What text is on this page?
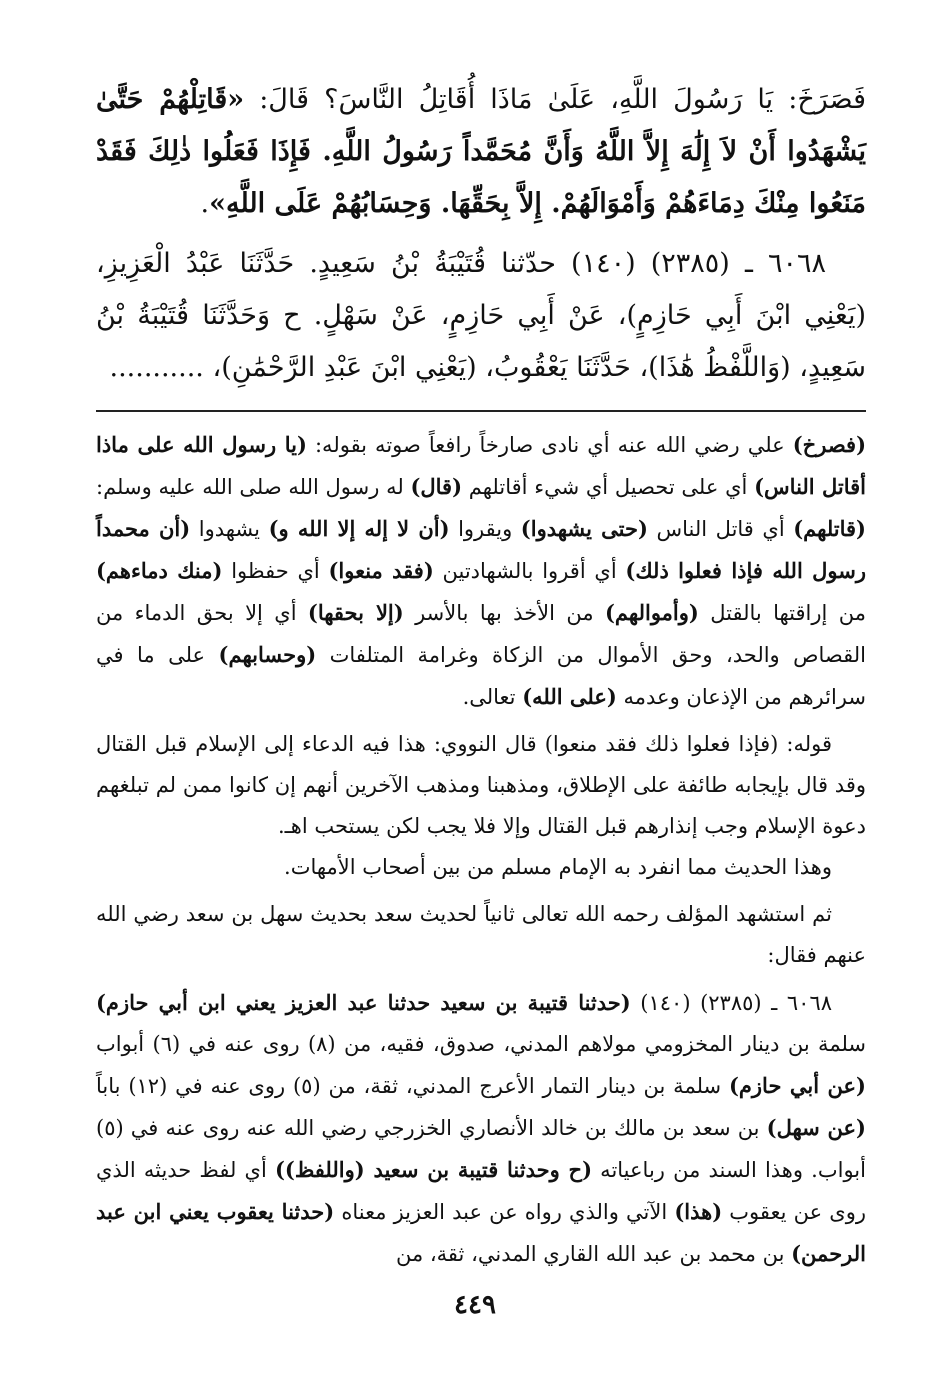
فَصَرَخَ: يَا رَسُولَ اللَّهِ، عَلَىٰ مَاذَا أُقَاتِلُ النَّاسَ؟ قَالَ: «قَاتِلْهُمْ حَتَّىٰ يَشْهَدُوا أَنْ لاَ إِلَٰهَ إِلاَّ اللَّهُ وَأَنَّ مُحَمَّداً رَسُولُ اللَّهِ. فَإِذَا فَعَلُوا ذٰلِكَ فَقَدْ مَنَعُوا مِنْكَ دِمَاءَهُمْ وَأَمْوَالَهُمْ. إِلاَّ بِحَقِّهَا. وَحِسَابُهُمْ عَلَى اللَّهِ».

٦٠٦٨ ـ (٢٣٨٥) (١٤٠) حدّثنا قُتَيْبَةُ بْنُ سَعِيدٍ. حَدَّثَنَا عَبْدُ الْعَزِيزِ، (يَعْنِي ابْنَ أَبِي حَازِمٍ)، عَنْ أَبِي حَازِمٍ، عَنْ سَهْلٍ. ح وَحَدَّثَنَا قُتَيْبَةُ بْنُ سَعِيدٍ، (وَاللَّفْظُ هَٰذَا)، حَدَّثَنَا يَعْقُوبُ، (يَعْنِي ابْنَ عَبْدِ الرَّحْمَٰنِ)، ...........

(فصرخ) علي رضي الله عنه أي نادى صارخاً رافعاً صوته بقوله: (يا رسول الله على ماذا أقاتل الناس) أي على تحصيل أي شيء أقاتلهم (قال) له رسول الله صلى الله عليه وسلم: (قاتلهم) أي قاتل الناس (حتى يشهدوا) ويقروا (أن لا إله إلا الله و) يشهدوا (أن محمداً رسول الله فإذا فعلوا ذلك) أي أقروا بالشهادتين (فقد منعوا) أي حفظوا (منك دماءهم) من إراقتها بالقتل (وأموالهم) من الأخذ بها بالأسر (إلا بحقها) أي إلا بحق الدماء من القصاص والحد، وحق الأموال من الزكاة وغرامة المتلفات (وحسابهم) على ما في سرائرهم من الإذعان وعدمه (على الله) تعالى.

قوله: (فإذا فعلوا ذلك فقد منعوا) قال النووي: هذا فيه الدعاء إلى الإسلام قبل القتال وقد قال بإيجابه طائفة على الإطلاق، ومذهبنا ومذهب الآخرين أنهم إن كانوا ممن لم تبلغهم دعوة الإسلام وجب إنذارهم قبل القتال وإلا فلا يجب لكن يستحب اهـ.

وهذا الحديث مما انفرد به الإمام مسلم من بين أصحاب الأمهات.

ثم استشهد المؤلف رحمه الله تعالى ثانياً لحديث سعد بحديث سهل بن سعد رضي الله عنهم فقال:

٦٠٦٨ ـ (٢٣٨٥) (١٤٠) (حدثنا قتيبة بن سعيد حدثنا عبد العزيز يعني ابن أبي حازم) سلمة بن دينار المخزومي مولاهم المدني، صدوق، فقيه، من (٨) روى عنه في (٦) أبواب (عن أبي حازم) سلمة بن دينار التمار الأعرج المدني، ثقة، من (٥) روى عنه في (١٢) باباً (عن سهل) بن سعد بن مالك بن خالد الأنصاري الخزرجي رضي الله عنه روى عنه في (٥) أبواب. وهذا السند من رباعياته (ح وحدثنا قتيبة بن سعيد (واللفظ)) أي لفظ حديثه الذي روى عن يعقوب (هذا) الآتي والذي رواه عن عبد العزيز معناه (حدثنا يعقوب يعني ابن عبد الرحمن) بن محمد بن عبد الله القاري المدني، ثقة، من

٤٤٩
